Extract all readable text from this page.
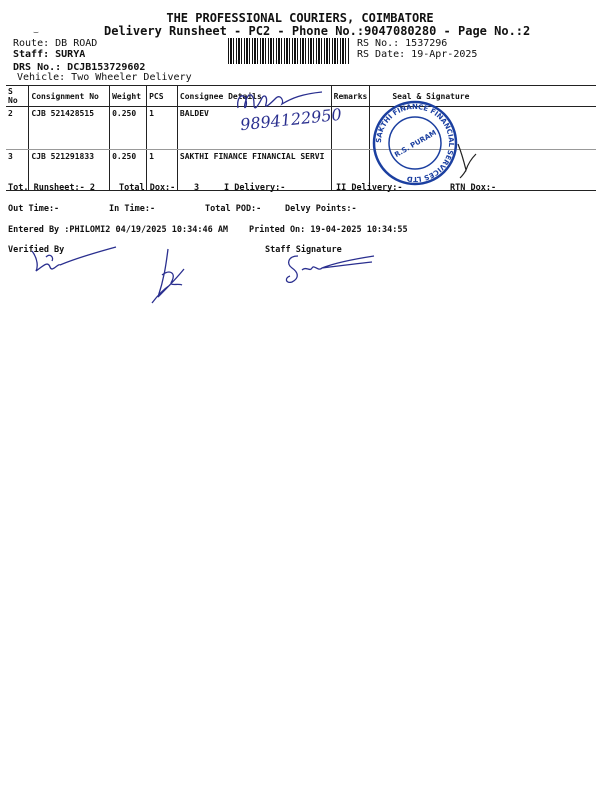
⌣
THE PROFESSIONAL COURIERS, COIMBATORE
Delivery Runsheet - PC2 - Phone No.:9047080280 - Page No.:2
Route: DB ROAD
Staff: SURYA
DRS No.: DCJB153729602
Vehicle: Two Wheeler Delivery
RS No.: 1537296
RS Date: 19-Apr-2025
S No	Consignment No	Weight	PCS	Consignee Details	Remarks	Seal & Signature
2	CJB 521428515	0.250	1	BALDEV		
3	CJB 521291833	0.250	1	SAKTHI FINANCE FINANCIAL SERVI		
9894122950
SAKTHI FINANCE FINANCIAL SERVICES LTD
R.S. PURAM
Tot. Runsheet:- 2	Total Dox:- 3	I Delivery:-	II Delivery:-	RTN Dox:-
Out Time:-	In Time:-	Total POD:-	Delvy Points:-
Entered By :PHILOMI2 04/19/2025 10:34:46 AM Printed On: 19-04-2025 10:34:55
Verified By	Staff Signature
